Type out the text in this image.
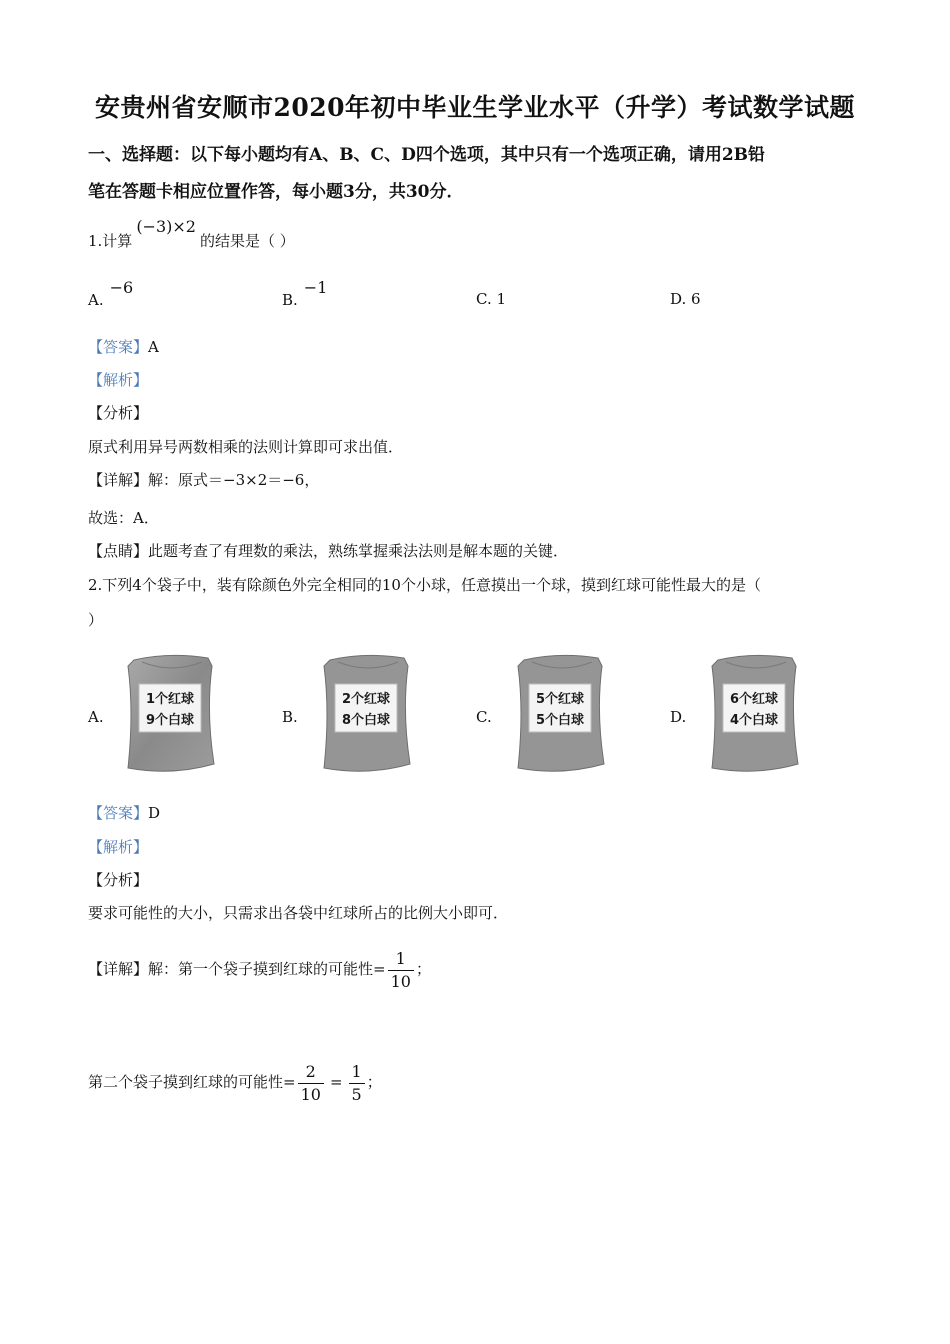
安贵州省安顺市2020年初中毕业生学业水平（升学）考试数学试题
一、选择题：以下每小题均有A、B、C、D四个选项，其中只有一个选项正确，请用2B铅
笔在答题卡相应位置作答，每小题3分，共30分．
1.计算(−3)×2的结果是（ ）
A.−6
B.−1
C. 1	D. 6
【答案】A
【解析】
【分析】
原式利用异号两数相乘的法则计算即可求出值．
【详解】解：原式＝−3×2＝−6，
故选：A．
【点睛】此题考查了有理数的乘法，熟练掌握乘法法则是解本题的关键．
2.下列4个袋子中，装有除颜色外完全相同的10个小球，任意摸出一个球，摸到红球可能性最大的是（
）
A.	B.	C.	D.
1个红球
9个白球
2个红球
8个白球
5个红球
5个白球
6个红球
4个白球
【答案】D
【解析】
【分析】
要求可能性的大小，只需求出各袋中红球所占的比例大小即可．
【详解】解：第一个袋子摸到红球的可能性= $\frac{1}{10}$ ；
第二个袋子摸到红球的可能性= $\frac{2}{10} = \frac{1}{5}$ ；
